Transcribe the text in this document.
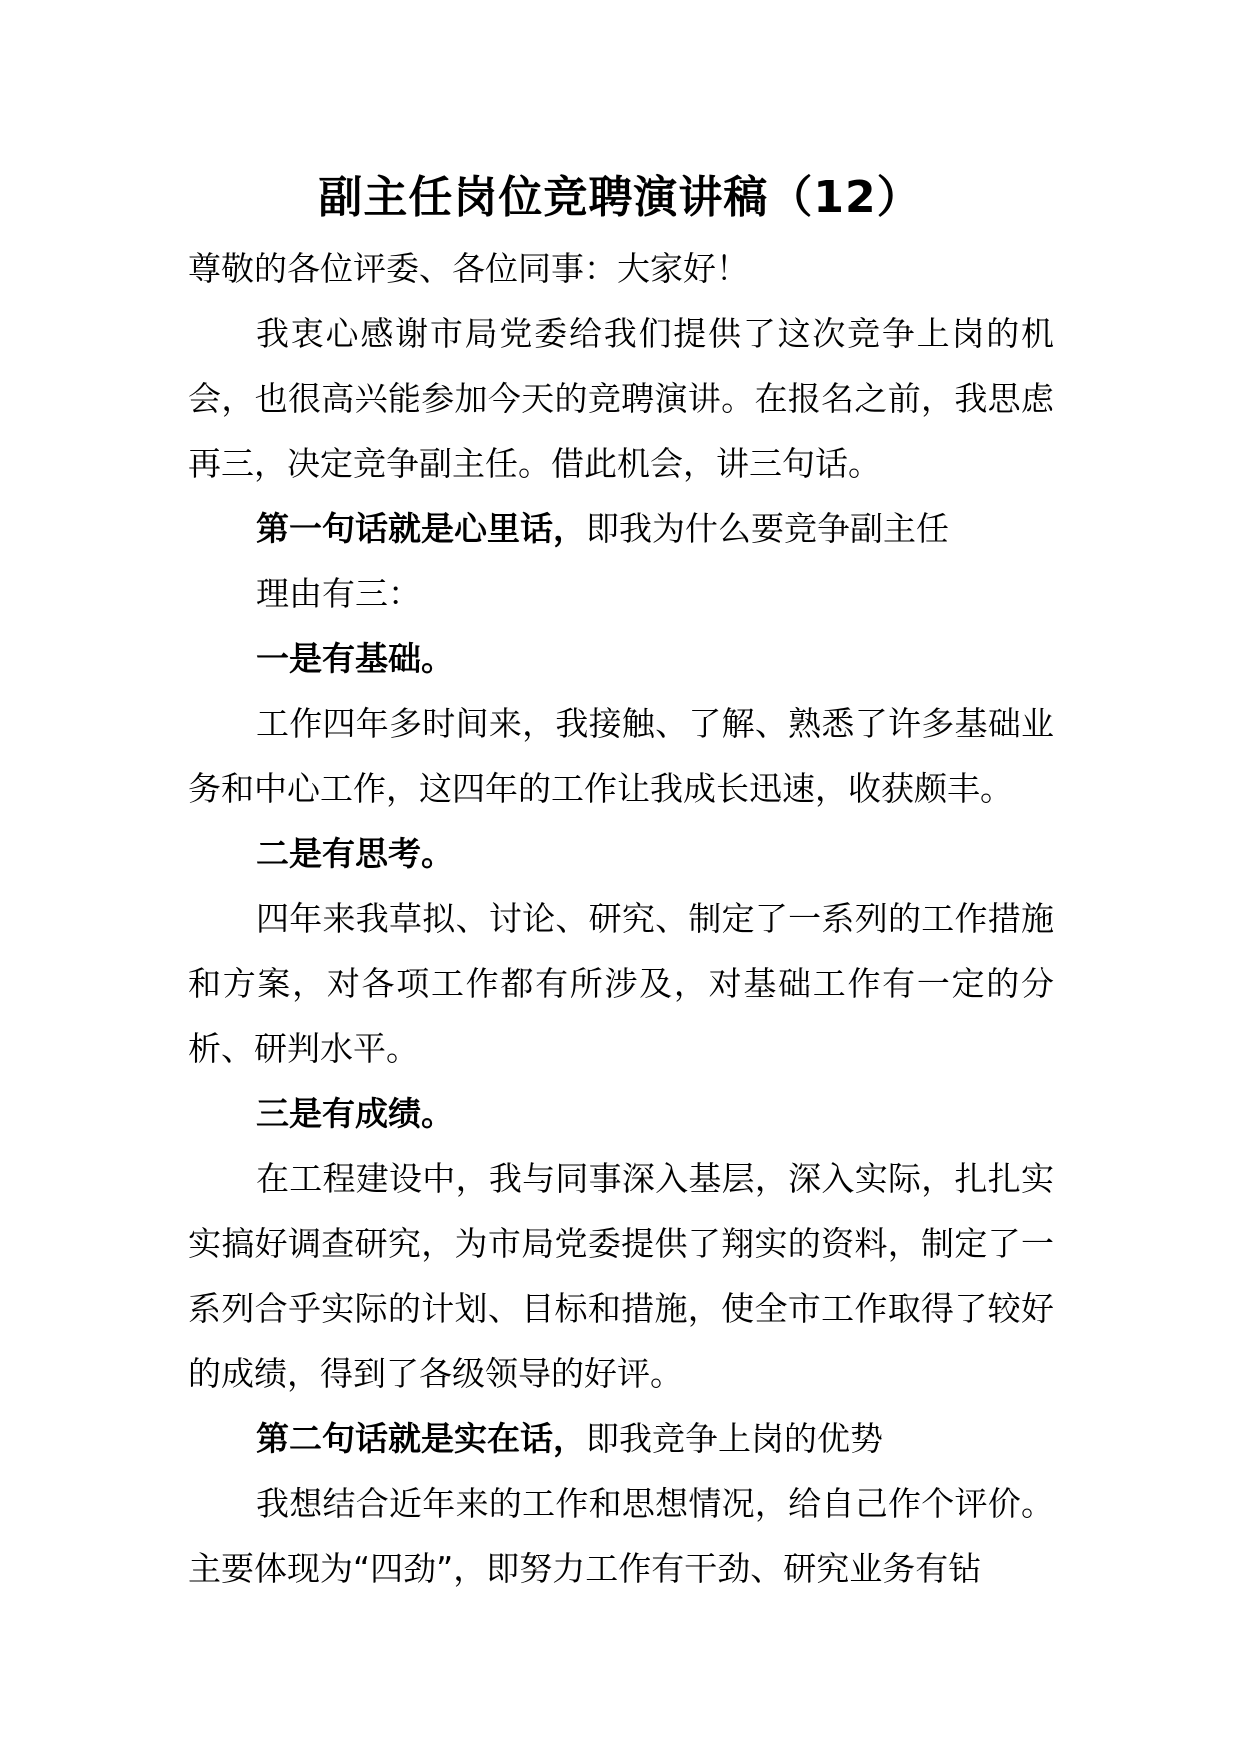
副主任岗位竞聘演讲稿（12）

尊敬的各位评委、各位同事：大家好！

我衷心感谢市局党委给我们提供了这次竞争上岗的机会，也很高兴能参加今天的竞聘演讲。在报名之前，我思虑再三，决定竞争副主任。借此机会，讲三句话。

第一句话就是心里话，即我为什么要竞争副主任

理由有三：

一是有基础。

工作四年多时间来，我接触、了解、熟悉了许多基础业务和中心工作，这四年的工作让我成长迅速，收获颇丰。

二是有思考。

四年来我草拟、讨论、研究、制定了一系列的工作措施和方案，对各项工作都有所涉及，对基础工作有一定的分析、研判水平。

三是有成绩。

在工程建设中，我与同事深入基层，深入实际，扎扎实实搞好调查研究，为市局党委提供了翔实的资料，制定了一系列合乎实际的计划、目标和措施，使全市工作取得了较好的成绩，得到了各级领导的好评。

第二句话就是实在话，即我竞争上岗的优势

我想结合近年来的工作和思想情况，给自己作个评价。主要体现为“四劲”，即努力工作有干劲、研究业务有钻
